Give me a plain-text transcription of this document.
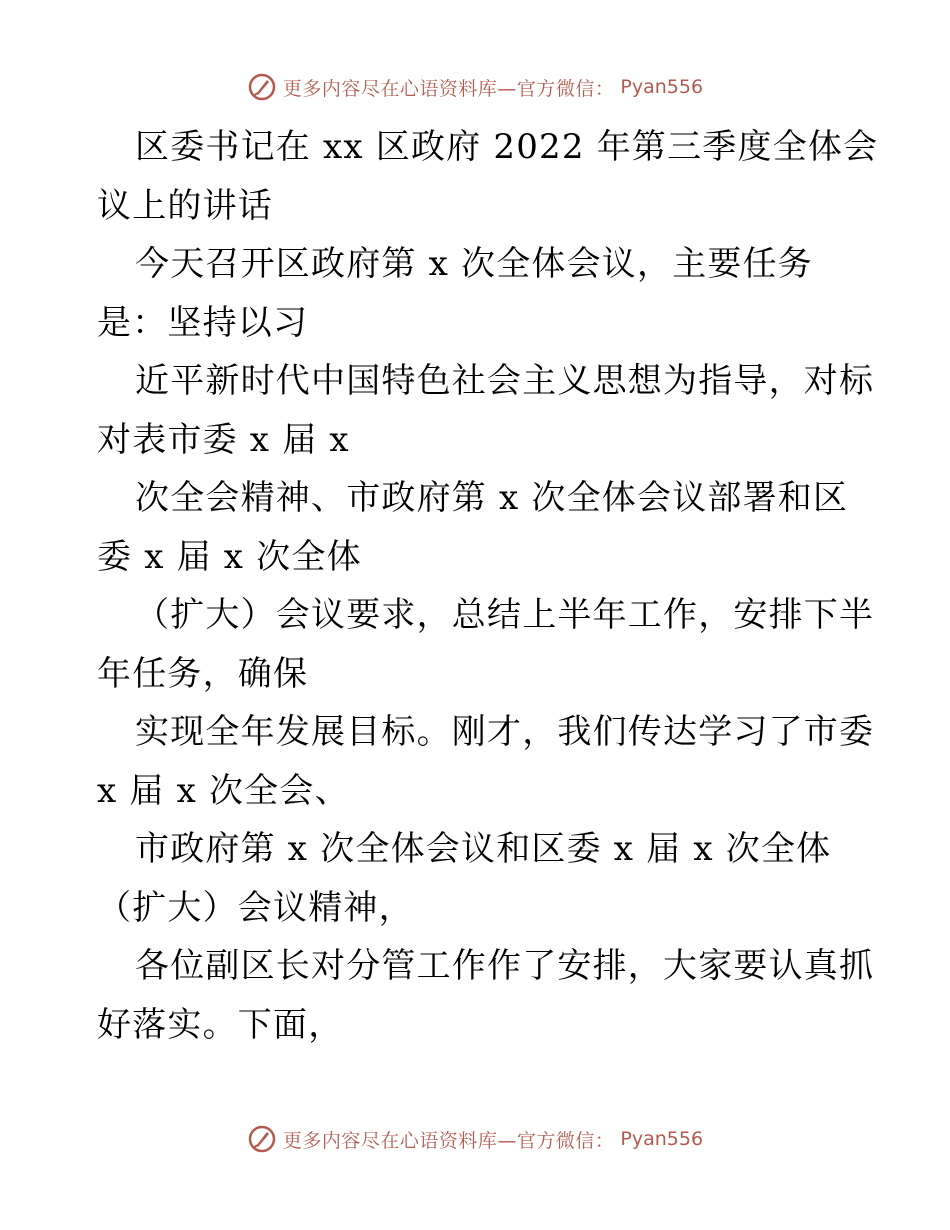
更多内容尽在心语资料库—官方微信： Pyan556
区委书记在 xx 区政府 2022 年第三季度全体会
议上的讲话
今天召开区政府第 x 次全体会议，主要任务
是：坚持以习
近平新时代中国特色社会主义思想为指导，对标
对表市委 x 届 x
次全会精神、市政府第 x 次全体会议部署和区
委 x 届 x 次全体
（扩大）会议要求，总结上半年工作，安排下半
年任务，确保
实现全年发展目标。刚才，我们传达学习了市委
x 届 x 次全会、
市政府第 x 次全体会议和区委 x 届 x 次全体
（扩大）会议精神，
各位副区长对分管工作作了安排，大家要认真抓
好落实。下面，
更多内容尽在心语资料库—官方微信： Pyan556
